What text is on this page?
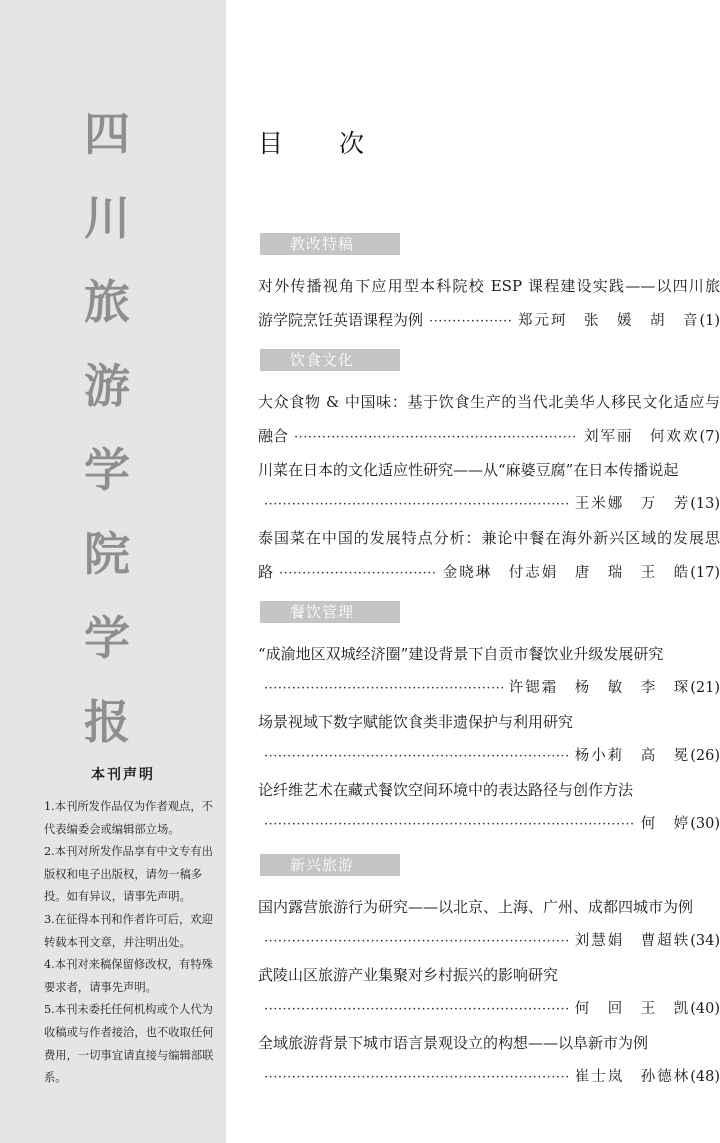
四
川
旅
游
学
院
学
报
本刊声明
1.本刊所发作品仅为作者观点，不代表编委会或编辑部立场。
2.本刊对所发作品享有中文专有出版权和电子出版权，请勿一稿多投。如有异议，请事先声明。
3.在征得本刊和作者许可后，欢迎转载本刊文章，并注明出处。
4.本刊对来稿保留修改权，有特殊要求者，请事先声明。
5.本刊未委托任何机构或个人代为收稿或与作者接洽，也不收取任何费用，一切事宜请直接与编辑部联系。
目 次
教改特稿
对外传播视角下应用型本科院校 ESP 课程建设实践——以四川旅
游学院烹饪英语课程为例 ·····	郑元珂　张　媛　胡　音 (1)
饮食文化
大众食物 & 中国味：基于饮食生产的当代北美华人移民文化适应与
融合 ·····	刘军丽　何欢欢 (7)
川菜在日本的文化适应性研究——从“麻婆豆腐”在日本传播说起
·····
王米娜　万　芳 (13)
泰国菜在中国的发展特点分析：兼论中餐在海外新兴区域的发展思
路 ·····	金晓琳　付志娟　唐　瑞　王　皓 (17)
餐饮管理
“成渝地区双城经济圈”建设背景下自贡市餐饮业升级发展研究
·····
许锶霜　杨　敏　李　琛 (21)
场景视域下数字赋能饮食类非遗保护与利用研究
·····
杨小莉　高　冕 (26)
论纤维艺术在藏式餐饮空间环境中的表达路径与创作方法
·····
何　婷 (30)
新兴旅游
国内露营旅游行为研究——以北京、上海、广州、成都四城市为例
·····
刘慧娟　曹超轶 (34)
武陵山区旅游产业集聚对乡村振兴的影响研究
·····
何　回　王　凯 (40)
全域旅游背景下城市语言景观设立的构想——以阜新市为例
·····
崔士岚　孙德林 (48)
